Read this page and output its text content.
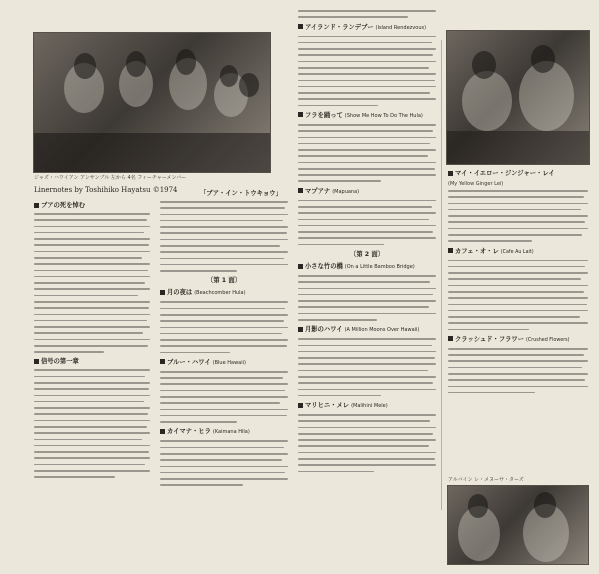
ジャズ・ハワイアン アンサンブル 左から 4名 フィーチャーメンバー
Linernotes by Toshihiko Hayatsu ©1974
ブアの死を悼む
信号の第一章
「ブア・イン・トウキョウ」
〔第 1 面〕
月の夜は (Beachcomber Hula)
ブルー・ハワイ (Blue Hawaii)
カイマナ・ヒラ (Kaimana Hila)
アイランド・ランデブー (Island Rendezvous)
フラを踊って (Show Me How To Do The Hula)
マプアナ (Mapuana)
〔第 2 面〕
小さな竹の橋 (On a Little Bamboo Bridge)
月影のハワイ (A Million Moons Over Hawaii)
マリヒニ・メレ (Malihini Mele)
マイ・イエロー・ジンジャー・レイ
(My Yellow Ginger Lei)
カフェ・オ・レ (Cafe Au Lait)
クラッシュド・フラワー (Crushed Flowers)
アルバイン レ・メヌーサ・ターズ
